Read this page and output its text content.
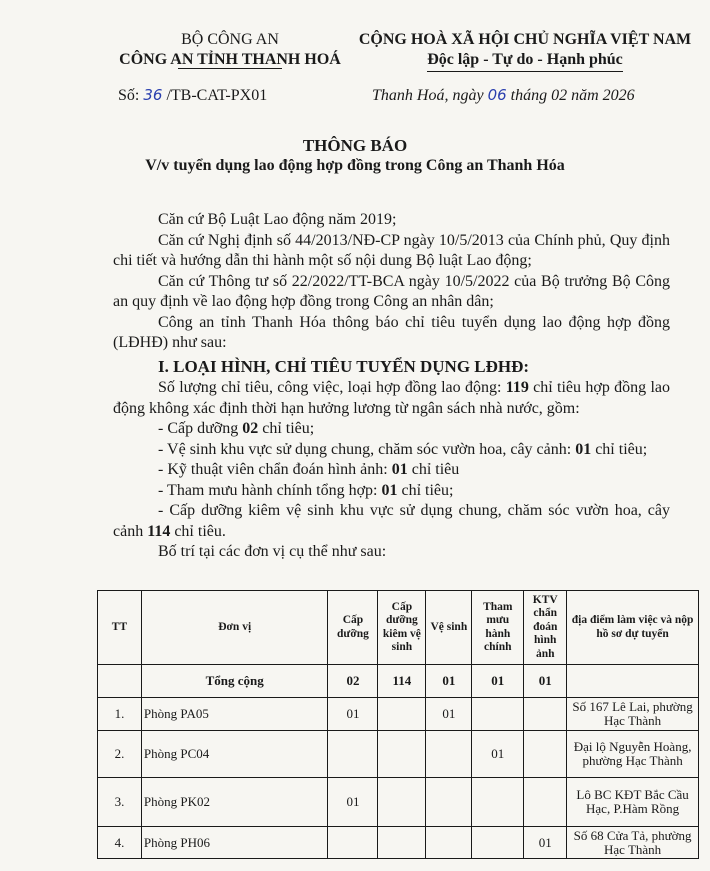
BỘ CÔNG AN
CÔNG AN TỈNH THANH HOÁ
CỘNG HOÀ XÃ HỘI CHỦ NGHĨA VIỆT NAM
Độc lập - Tự do - Hạnh phúc
Số: 36 /TB-CAT-PX01	Thanh Hoá, ngày 06 tháng 02 năm 2026
THÔNG BÁO
V/v tuyển dụng lao động hợp đồng trong Công an Thanh Hóa

Căn cứ Bộ Luật Lao động năm 2019;

Căn cứ Nghị định số 44/2013/NĐ-CP ngày 10/5/2013 của Chính phủ, Quy định chi tiết và hướng dẫn thi hành một số nội dung Bộ luật Lao động;

Căn cứ Thông tư số 22/2022/TT-BCA ngày 10/5/2022 của Bộ trưởng Bộ Công an quy định về lao động hợp đồng trong Công an nhân dân;

Công an tỉnh Thanh Hóa thông báo chỉ tiêu tuyển dụng lao động hợp đồng (LĐHĐ) như sau:

I. LOẠI HÌNH, CHỈ TIÊU TUYỂN DỤNG LĐHĐ:

Số lượng chỉ tiêu, công việc, loại hợp đồng lao động: 119 chỉ tiêu hợp đồng lao động không xác định thời hạn hưởng lương từ ngân sách nhà nước, gồm:

- Cấp dưỡng 02 chỉ tiêu;

- Vệ sinh khu vực sử dụng chung, chăm sóc vườn hoa, cây cảnh: 01 chỉ tiêu;

- Kỹ thuật viên chẩn đoán hình ảnh: 01 chỉ tiêu

- Tham mưu hành chính tổng hợp: 01 chỉ tiêu;

- Cấp dưỡng kiêm vệ sinh khu vực sử dụng chung, chăm sóc vườn hoa, cây cảnh 114 chỉ tiêu.

Bố trí tại các đơn vị cụ thể như sau:

TT	Đơn vị	Cấp dưỡng	Cấp dưỡng kiêm vệ sinh	Vệ sinh	Tham mưu hành chính	KTV chẩn đoán hình ảnh	địa điểm làm việc và nộp hồ sơ dự tuyển
	Tổng cộng	02	114	01	01	01	
1.	Phòng PA05	01		01			Số 167 Lê Lai, phường Hạc Thành
2.	Phòng PC04				01		Đại lộ Nguyễn Hoàng, phường Hạc Thành
3.	Phòng PK02	01					Lô BC KĐT Bắc Cầu Hạc, P.Hàm Rồng
4.	Phòng PH06					01	Số 68 Cửa Tả, phường Hạc Thành
